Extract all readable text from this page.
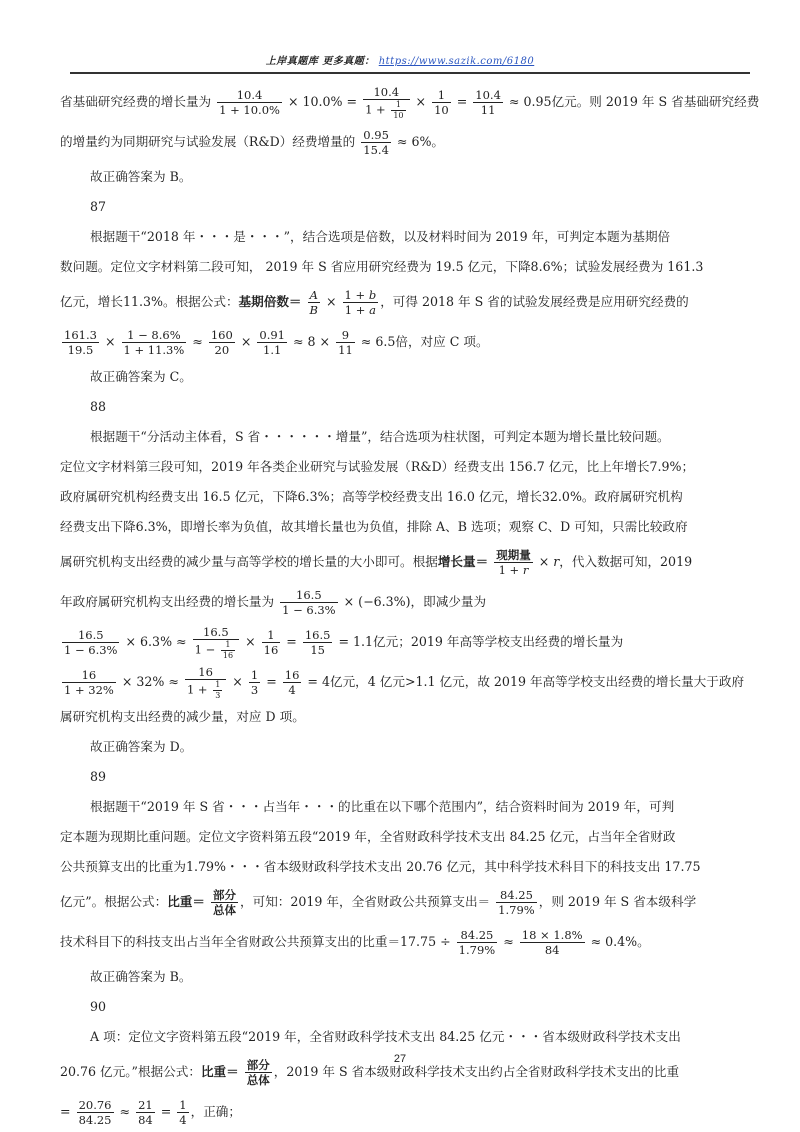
上岸真题库 更多真题： https://www.sazik.com/6180
省基础研究经费的增长量为 $\frac{10.4}{1 + 10.0\%} \times 10.0\% = \frac{10.4}{1 + \frac{1}{10}} \times \frac{1}{10} = \frac{10.4}{11} \approx 0.95$亿元。则 2019 年 S 省基础研究经费
的增量约为同期研究与试验发展（R&D）经费增量的 $\frac{0.95}{15.4} \approx 6\%$。
故正确答案为 B。
87
根据题干“2018 年・・・是・・・”，结合选项是倍数，以及材料时间为 2019 年，可判定本题为基期倍
数问题。定位文字材料第二段可知， 2019 年 S 省应用研究经费为 19.5 亿元，下降8.6%；试验发展经费为 161.3
亿元，增长11.3%。根据公式：基期倍数＝ $\frac{A}{B} \times \frac{1 + b}{1 + a}$ ，可得 2018 年 S 省的试验发展经费是应用研究经费的
$\frac{161.3}{19.5} \times \frac{1 - 8.6\%}{1 + 11.3\%} \approx \frac{160}{20} \times \frac{0.91}{1.1} \approx 8 \times \frac{9}{11} \approx 6.5$倍，对应 C 项。
故正确答案为 C。
88
根据题干“分活动主体看，S 省・・・・・・增量”，结合选项为柱状图，可判定本题为增长量比较问题。
定位文字材料第三段可知，2019 年各类企业研究与试验发展（R&D）经费支出 156.7 亿元，比上年增长7.9%；
政府属研究机构经费支出 16.5 亿元，下降6.3%；高等学校经费支出 16.0 亿元，增长32.0%。政府属研究机构
经费支出下降6.3%，即增长率为负值，故其增长量也为负值，排除 A、B 选项；观察 C、D 可知，只需比较政府
属研究机构支出经费的减少量与高等学校的增长量的大小即可。根据增长量＝ $\frac{\text{现期量}}{1 + r} \times r$，代入数据可知，2019
年政府属研究机构支出经费的增长量为 $\frac{16.5}{1 - 6.3\%} \times (-6.3\%)$，即减少量为
$\frac{16.5}{1 - 6.3\%} \times 6.3\% \approx \frac{16.5}{1 - \frac{1}{16}} \times \frac{1}{16} = \frac{16.5}{15} = 1.1$亿元；2019 年高等学校支出经费的增长量为
$\frac{16}{1 + 32\%} \times 32\% \approx \frac{16}{1 + \frac{1}{3}} \times \frac{1}{3} = \frac{16}{4} = 4$亿元，4 亿元>1.1 亿元，故 2019 年高等学校支出经费的增长量大于政府
属研究机构支出经费的减少量，对应 D 项。
故正确答案为 D。
89
根据题干“2019 年 S 省・・・占当年・・・的比重在以下哪个范围内”，结合资料时间为 2019 年，可判
定本题为现期比重问题。定位文字资料第五段“2019 年，全省财政科学技术支出 84.25 亿元，占当年全省财政
公共预算支出的比重为1.79%・・・省本级财政科学技术支出 20.76 亿元，其中科学技术科目下的科技支出 17.75
亿元”。根据公式：比重＝ $\frac{\text{部分}}{\text{总体}}$ ，可知：2019 年，全省财政公共预算支出＝ $\frac{84.25}{1.79\%}$ ，则 2019 年 S 省本级科学
技术科目下的科技支出占当年全省财政公共预算支出的比重$=17.75 \div \frac{84.25}{1.79\%} \approx \frac{18 \times 1.8\%}{84} \approx 0.4\%$。
故正确答案为 B。
90
A 项：定位文字资料第五段“2019 年，全省财政科学技术支出 84.25 亿元・・・省本级财政科学技术支出
20.76 亿元。”根据公式：比重＝ $\frac{\text{部分}}{\text{总体}}$ ，2019 年 S 省本级财政科学技术支出约占全省财政科学技术支出的比重
= $\frac{20.76}{84.25} \approx \frac{21}{84} = \frac{1}{4}$ ，正确；
27
